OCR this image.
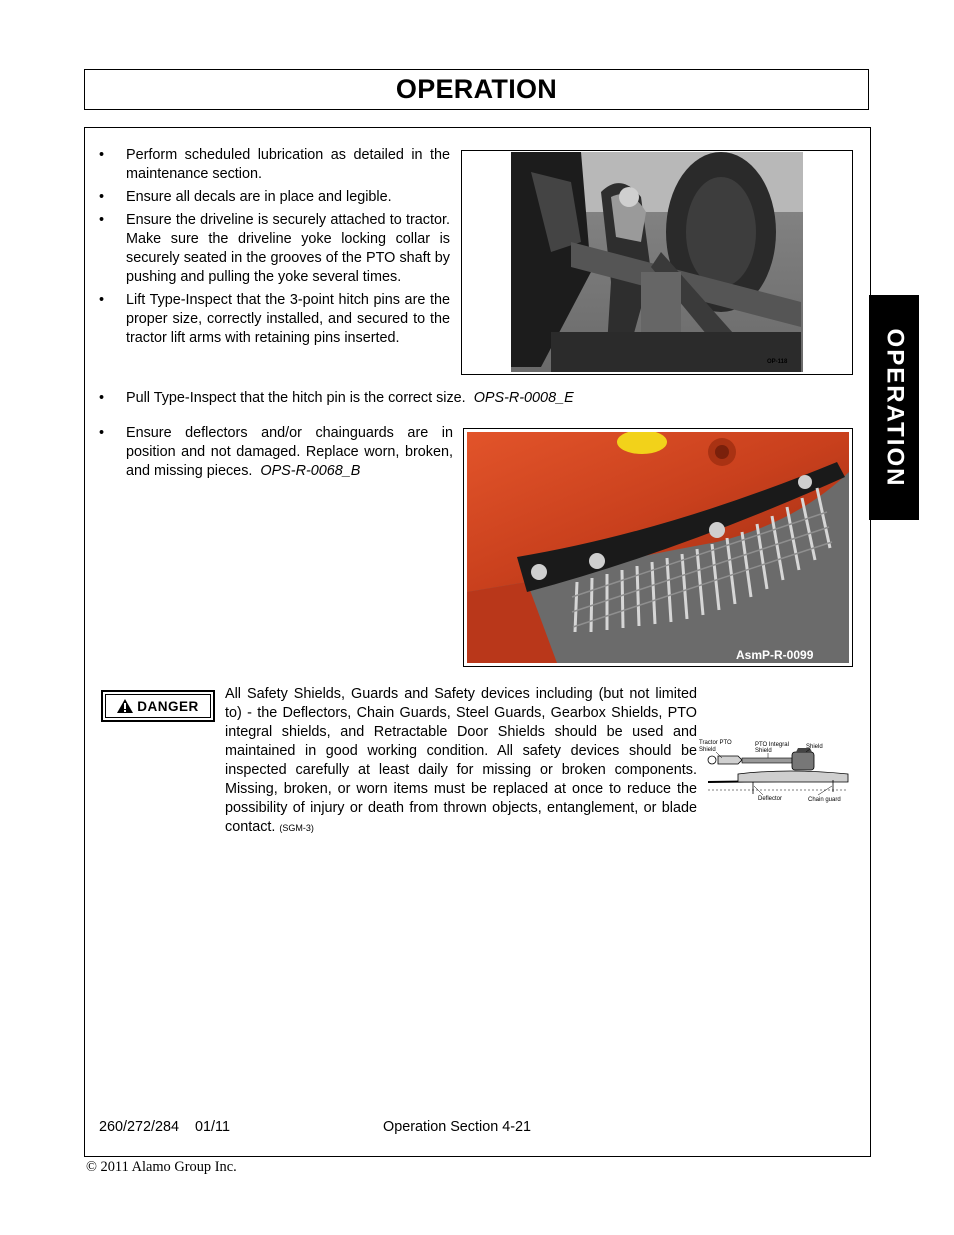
OPERATION
OPERATION
• Perform scheduled lubrication as detailed in the maintenance section.
• Ensure all decals are in place and legible.
• Ensure the driveline is securely attached to tractor. Make sure the driveline yoke locking collar is securely seated in the grooves of the PTO shaft by pushing and pulling the yoke several times.
• Lift Type-Inspect that the 3-point hitch pins are the proper size, correctly installed, and secured to the tractor lift arms with retaining pins inserted.
• Pull Type-Inspect that the hitch pin is the correct size. OPS-R-0008_E
• Ensure deflectors and/or chainguards are in position and not damaged. Replace worn, broken, and missing pieces. OPS-R-0068_B
OP-118
AsmP-R-0099
DANGER

All Safety Shields, Guards and Safety devices including (but not limited to) - the Deflectors, Chain Guards, Steel Guards, Gearbox Shields, PTO integral shields, and Retractable Door Shields should be used and maintained in good working condition. All safety devices should be inspected carefully at least daily for missing or broken components. Missing, broken, or worn items must be replaced at once to reduce the possibility of injury or death from thrown objects, entanglement, or blade contact. (SGM-3)

Tractor PTO
Shield
PTO Integral
Shield
Shield
Deflector	Chain guard
260/272/284    01/11	Operation Section 4-21
© 2011 Alamo Group Inc.
